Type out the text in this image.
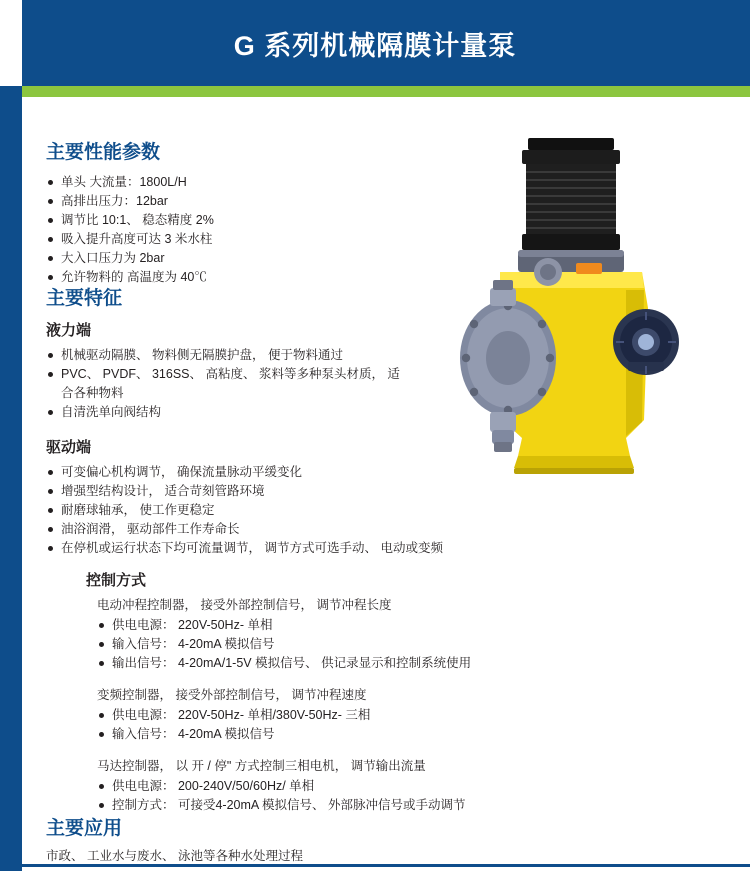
G 系列机械隔膜计量泵
主要性能参数
单头 大流量：1800L/H
高排出压力：12bar
调节比 10:1、 稳态精度 2%
吸入提升高度可达 3 米水柱
大入口压力为 2bar
允许物料的 高温度为 40℃
主要特征
液力端
机械驱动隔膜、 物料侧无隔膜护盘， 便于物料通过
PVC、 PVDF、 316SS、 高粘度、 浆料等多种泵头材质， 适合各种物料
自清洗单向阀结构
驱动端
可变偏心机构调节， 确保流量脉动平缓变化
增强型结构设计， 适合苛刻管路环境
耐磨球轴承， 使工作更稳定
油浴润滑， 驱动部件工作寿命长
在停机或运行状态下均可流量调节， 调节方式可选手动、 电动或变频
控制方式
电动冲程控制器， 接受外部控制信号， 调节冲程长度
供电电源： 220V-50Hz- 单相
输入信号： 4-20mA 模拟信号
输出信号： 4-20mA/1-5V 模拟信号、 供记录显示和控制系统使用
变频控制器， 接受外部控制信号， 调节冲程速度
供电电源： 220V-50Hz- 单相/380V-50Hz- 三相
输入信号： 4-20mA 模拟信号
马达控制器， 以 开 / 停" 方式控制三相电机， 调节输出流量
供电电源： 200-240V/50/60Hz/ 单相
控制方式： 可接受4-20mA 模拟信号、 外部脉冲信号或手动调节
主要应用
市政、 工业水与废水、 泳池等各种水处理过程
